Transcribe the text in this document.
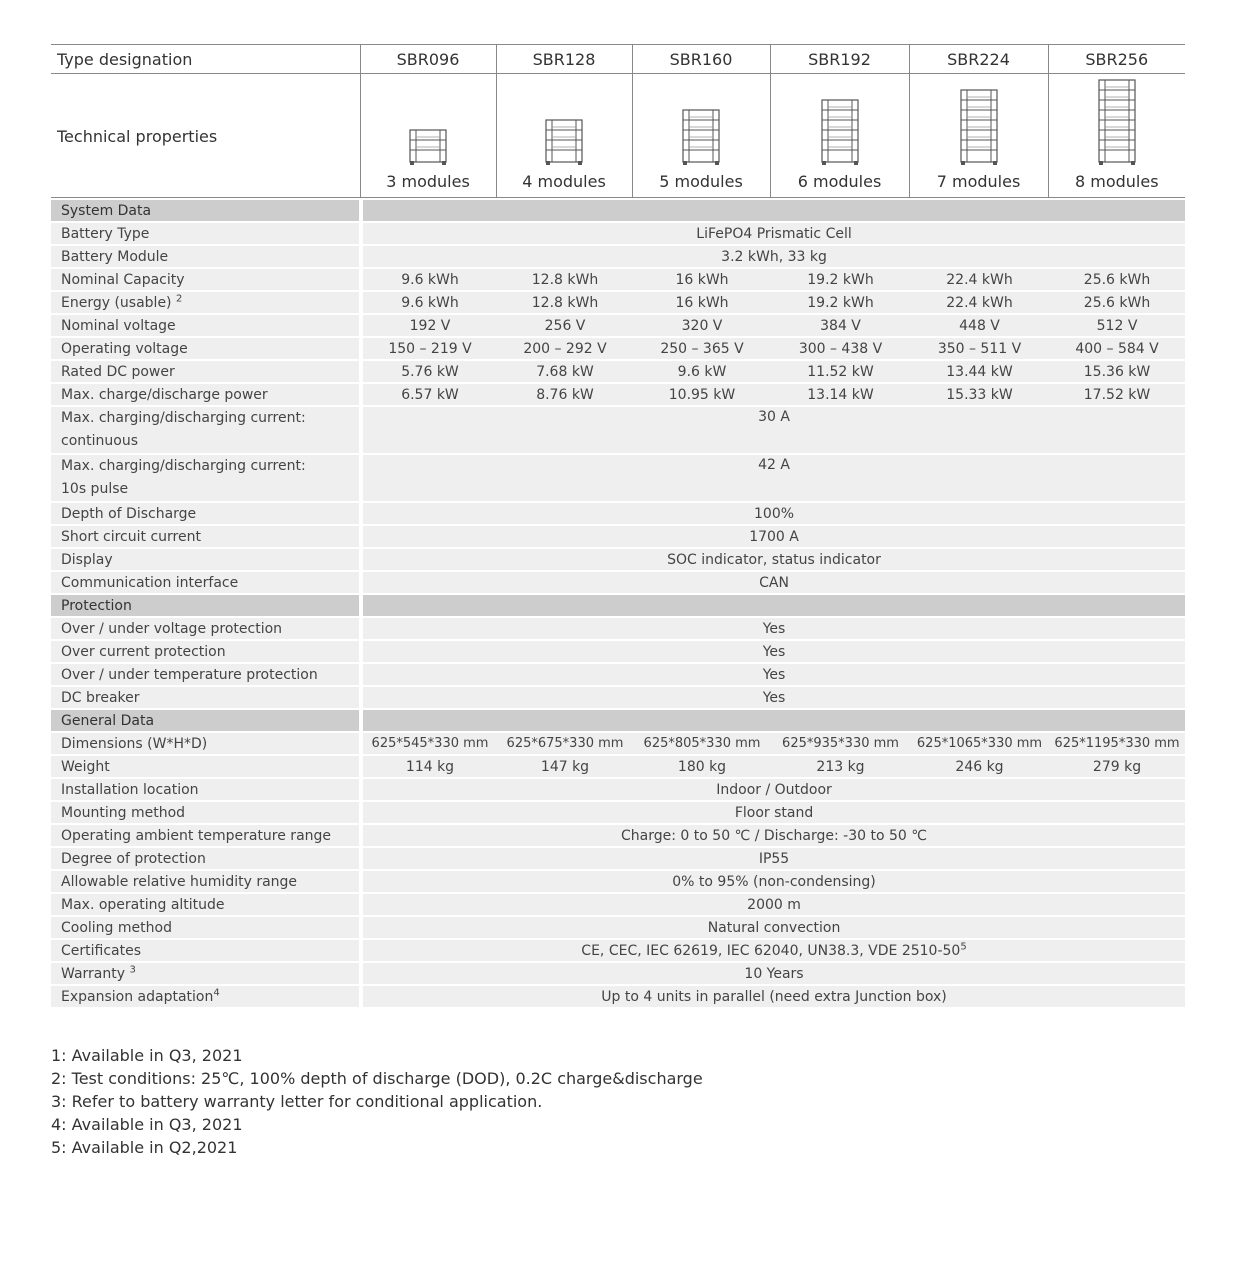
Type designation	SBR096	SBR128	SBR160	SBR192	SBR224	SBR256
Technical properties	3 modules	4 modules	5 modules	6 modules	7 modules	8 modules
System Data						
Battery Type	LiFePO4 Prismatic Cell					
Battery Module	3.2 kWh, 33 kg					
Nominal Capacity	9.6 kWh	12.8 kWh	16 kWh	19.2 kWh	22.4 kWh	25.6 kWh
Energy (usable) $^2$	9.6 kWh	12.8 kWh	16 kWh	19.2 kWh	22.4 kWh	25.6 kWh
Nominal voltage	192 V	256 V	320 V	384 V	448 V	512 V
Operating voltage	150 – 219 V	200 – 292 V	250 – 365 V	300 – 438 V	350 – 511 V	400 – 584 V
Rated DC power	5.76 kW	7.68 kW	9.6 kW	11.52 kW	13.44 kW	15.36 kW
Max. charge/discharge power	6.57 kW	8.76 kW	10.95 kW	13.14 kW	15.33 kW	17.52 kW
Max. charging/discharging current:
continuous	30 A					
Max. charging/discharging current:
10s pulse	42 A					
Depth of Discharge	100%					
Short circuit current	1700 A					
Display	SOC indicator, status indicator					
Communication interface	CAN					
Protection						
Over / under voltage protection	Yes					
Over current protection	Yes					
Over / under temperature protection	Yes					
DC breaker	Yes					
General Data						
Dimensions (W*H*D)	625*545*330 mm	625*675*330 mm	625*805*330 mm	625*935*330 mm	625*1065*330 mm	625*1195*330 mm
Weight	114 kg	147 kg	180 kg	213 kg	246 kg	279 kg
Installation location	Indoor / Outdoor					
Mounting method	Floor stand					
Operating ambient temperature range	Charge: 0 to 50 ℃ / Discharge: -30 to 50 ℃					
Degree of protection	IP55					
Allowable relative humidity range	0% to 95% (non-condensing)					
Max. operating altitude	2000 m					
Cooling method	Natural convection					
Certificates	CE, CEC, IEC 62619, IEC 62040, UN38.3, VDE $2510-50^5$
Warranty $^3$	10 Years					
Expansion adaptation$^4$	Up to 4 units in parallel (need extra Junction box)					
1: Available in Q3, 2021
2: Test conditions: 25℃, 100% depth of discharge (DOD), 0.2C charge&discharge
3: Refer to battery warranty letter for conditional application.
4: Available in Q3, 2021
5: Available in Q2,2021
